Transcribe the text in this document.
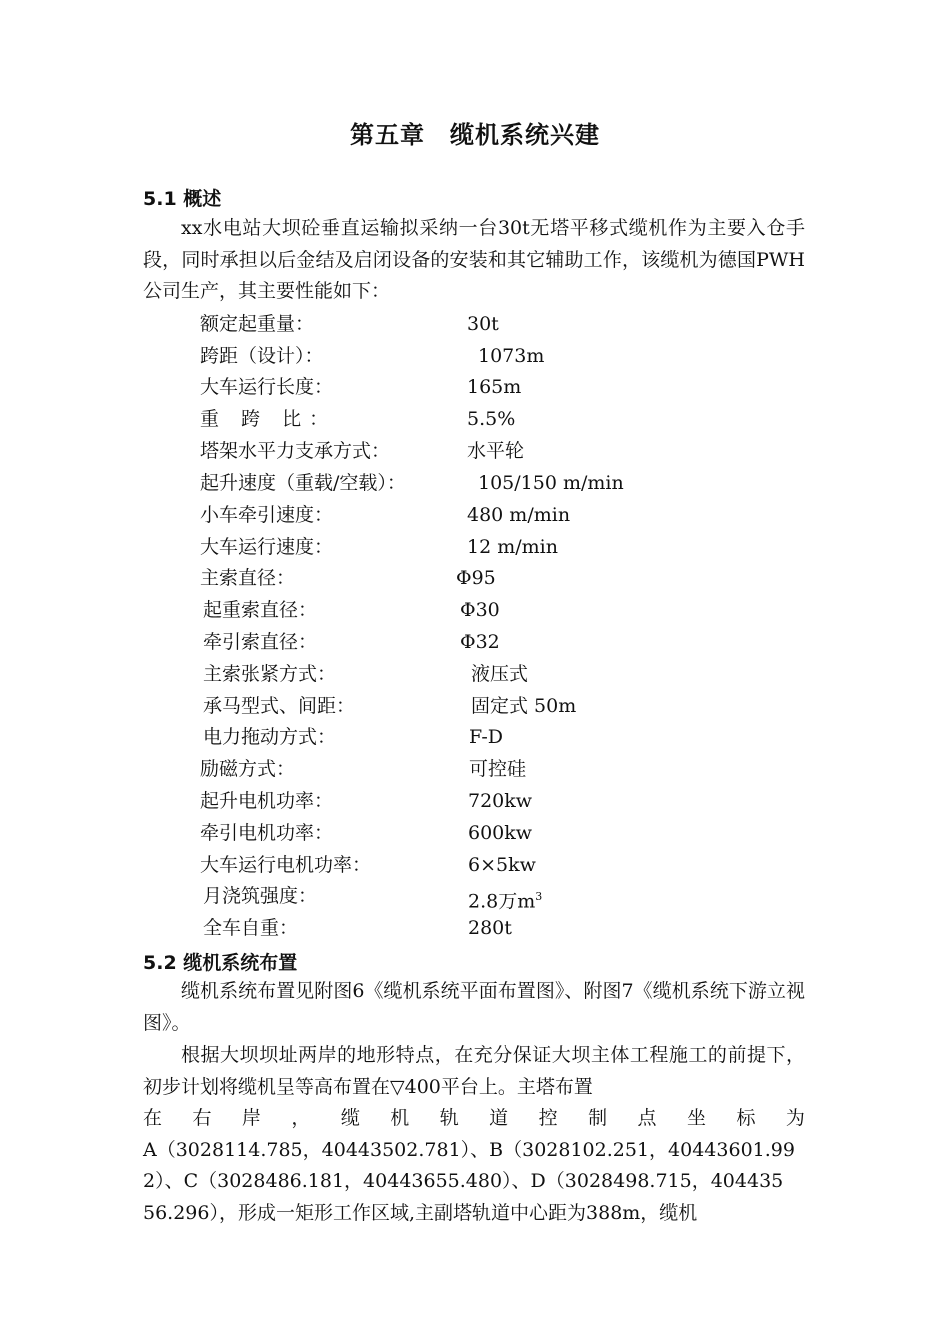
第五章　缆机系统兴建
5.1 概述

xx水电站大坝砼垂直运输拟采纳一台30t无塔平移式缆机作为主要入仓手段，同时承担以后金结及启闭设备的安装和其它辅助工作，该缆机为德国PWH公司生产，其主要性能如下：

额定起重量：	30t
跨距（设计）：	1073m
大车运行长度：	165m
重 跨 比：	5.5%
塔架水平力支承方式：	水平轮
起升速度（重载/空载）：	105/150 m/min
小车牵引速度：	480 m/min
大车运行速度：	12 m/min
主索直径：	Φ95
起重索直径：	Φ30
牵引索直径：	Φ32
主索张紧方式：	液压式
承马型式、间距：	固定式 50m
电力拖动方式：	F-D
励磁方式：	可控硅
起升电机功率：	720kw
牵引电机功率：	600kw
大车运行电机功率：	6×5kw
月浇筑强度：	2.8万$m^3$
全车自重：	280t
5.2 缆机系统布置

缆机系统布置见附图6《缆机系统平面布置图》、附图7《缆机系统下游立视图》。

根据大坝坝址两岸的地形特点，在充分保证大坝主体工程施工的前提下，初步计划将缆机呈等高布置在▽400平台上。主塔布置

在 右 岸 ， 缆 机 轨 道 控 制 点 坐 标 为
A（3028114.785，40443502.781）、B（3028102.251，40443601.99
2）、C（3028486.181，40443655.480）、D（3028498.715，404435
56.296），形成一矩形工作区域,主副塔轨道中心距为388m，缆机
